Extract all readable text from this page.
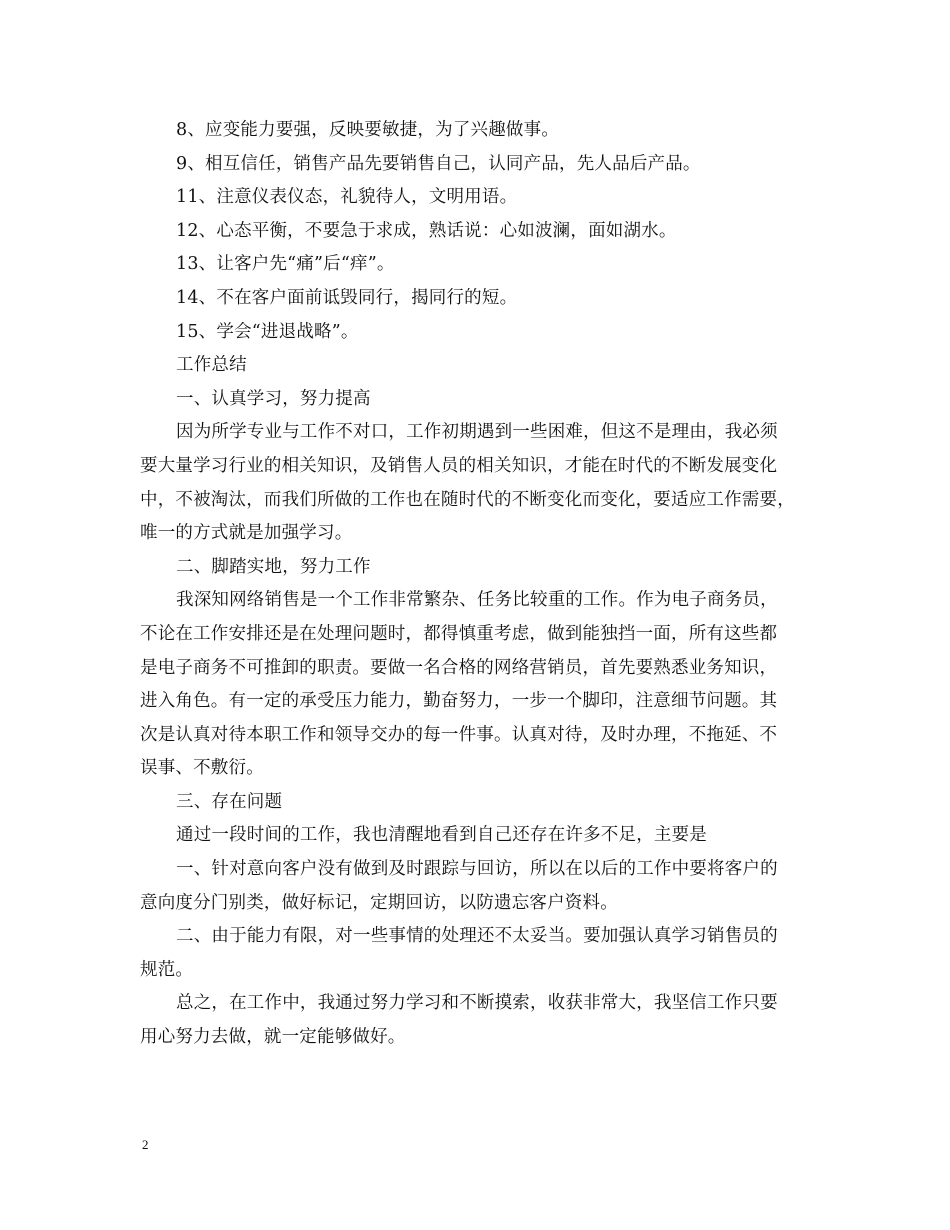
8、应变能力要强，反映要敏捷，为了兴趣做事。
9、相互信任，销售产品先要销售自己，认同产品，先人品后产品。
11、注意仪表仪态，礼貌待人，文明用语。
12、心态平衡，不要急于求成，熟话说：心如波澜，面如湖水。
13、让客户先“痛”后“痒”。
14、不在客户面前诋毁同行，揭同行的短。
15、学会“进退战略”。
工作总结
一、认真学习，努力提高
因为所学专业与工作不对口，工作初期遇到一些困难，但这不是理由，我必须
要大量学习行业的相关知识，及销售人员的相关知识，才能在时代的不断发展变化
中，不被淘汰，而我们所做的工作也在随时代的不断变化而变化，要适应工作需要，
唯一的方式就是加强学习。
二、脚踏实地，努力工作
我深知网络销售是一个工作非常繁杂、任务比较重的工作。作为电子商务员，
不论在工作安排还是在处理问题时，都得慎重考虑，做到能独挡一面，所有这些都
是电子商务不可推卸的职责。要做一名合格的网络营销员，首先要熟悉业务知识，
进入角色。有一定的承受压力能力，勤奋努力，一步一个脚印，注意细节问题。其
次是认真对待本职工作和领导交办的每一件事。认真对待，及时办理，不拖延、不
误事、不敷衍。
三、存在问题
通过一段时间的工作，我也清醒地看到自己还存在许多不足，主要是
一、针对意向客户没有做到及时跟踪与回访，所以在以后的工作中要将客户的
意向度分门别类，做好标记，定期回访，以防遗忘客户资料。
二、由于能力有限，对一些事情的处理还不太妥当。要加强认真学习销售员的
规范。
总之，在工作中，我通过努力学习和不断摸索，收获非常大，我坚信工作只要
用心努力去做，就一定能够做好。
2
